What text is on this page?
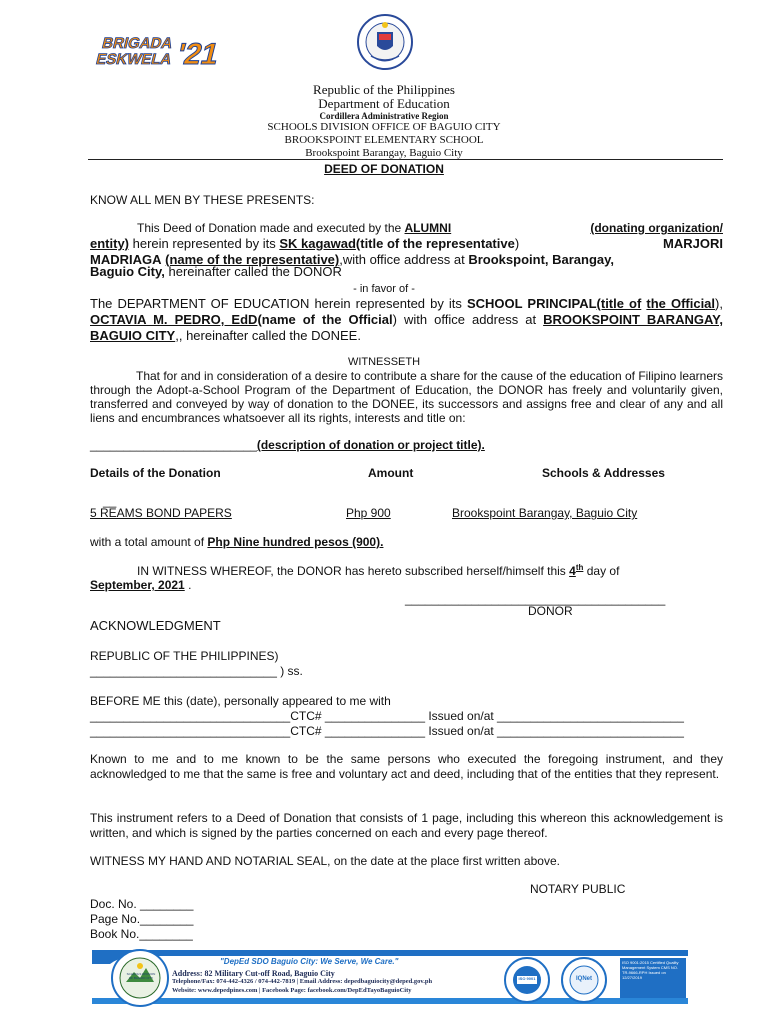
BRIGADA
ESKWELA '21
Republic of the Philippines
Department of Education
Cordillera Administrative Region
SCHOOLS DIVISION OFFICE OF BAGUIO CITY
BROOKSPOINT ELEMENTARY SCHOOL
Brookspoint Barangay, Baguio City
DEED OF DONATION
KNOW ALL MEN BY THESE PRESENTS:
This Deed of Donation made and executed by the ALUMNI	(donating organization/
entity) herein represented by its SK kagawad(title of the representative)	MARJORI
MADRIAGA (name of the representative),with office address at Brookspoint, Barangay,
Baguio City, hereinafter called the DONOR
- in favor of -
The DEPARTMENT OF EDUCATION herein represented by its SCHOOL PRINCIPAL(title of the Official), OCTAVIA M. PEDRO, EdD(name of the Official) with office address at BROOKSPOINT BARANGAY, BAGUIO CITY,, hereinafter called the DONEE.
WITNESSETH
That for and in consideration of a desire to contribute a share for the cause of the education of Filipino learners through the Adopt-a-School Program of the Department of Education, the DONOR has freely and voluntarily given, transferred and conveyed by way of donation to the DONEE, its successors and assigns free and clear of any and all liens and encumbrances whatsoever all its rights, interests and title on:
_________________________(description of donation or project title).
Details of the Donation	Amount	Schools & Addresses
__
5 REAMS BOND PAPERS	Php 900	Brookspoint Barangay, Baguio City
with a total amount of Php Nine hundred pesos (900).
IN WITNESS WHEREOF, the DONOR has hereto subscribed herself/himself this 4th day of
September, 2021 .
_______________________________________
DONOR
ACKNOWLEDGMENT
REPUBLIC OF THE PHILIPPINES)
____________________________ ) ss.
BEFORE ME this (date), personally appeared to me with
______________________________CTC# _______________ Issued on/at ____________________________
______________________________CTC# _______________ Issued on/at ____________________________
Known to me and to me known to be the same persons who executed the foregoing instrument, and they acknowledged to me that the same is free and voluntary act and deed, including that of the entities that they represent.
This instrument refers to a Deed of Donation that consists of 1 page, including this whereon this acknowledgement is written, and which is signed by the parties concerned on each and every page thereof.
WITNESS MY HAND AND NOTARIAL SEAL, on the date at the place first written above.
NOTARY PUBLIC
Doc. No. ________
Page No.________
Book No.________
SCHOOLS DIVISION OF BAGUIO CITY
"DepEd SDO Baguio City: We Serve, We Care."
Address: 82 Military Cut-off Road, Baguio City
Telephone/Fax: 074-442-4326 / 074-442-7819 | Email Address: depedbaguiocity@deped.gov.ph
Website: www.depedpines.com | Facebook Page: facebook.com/DepEdTayoBaguioCity
ISO 9001	IQNet
ISO 9001:2015 Certified Quality Management System CMS NO. TR-9666-RPH Issued on 12/27/2019
